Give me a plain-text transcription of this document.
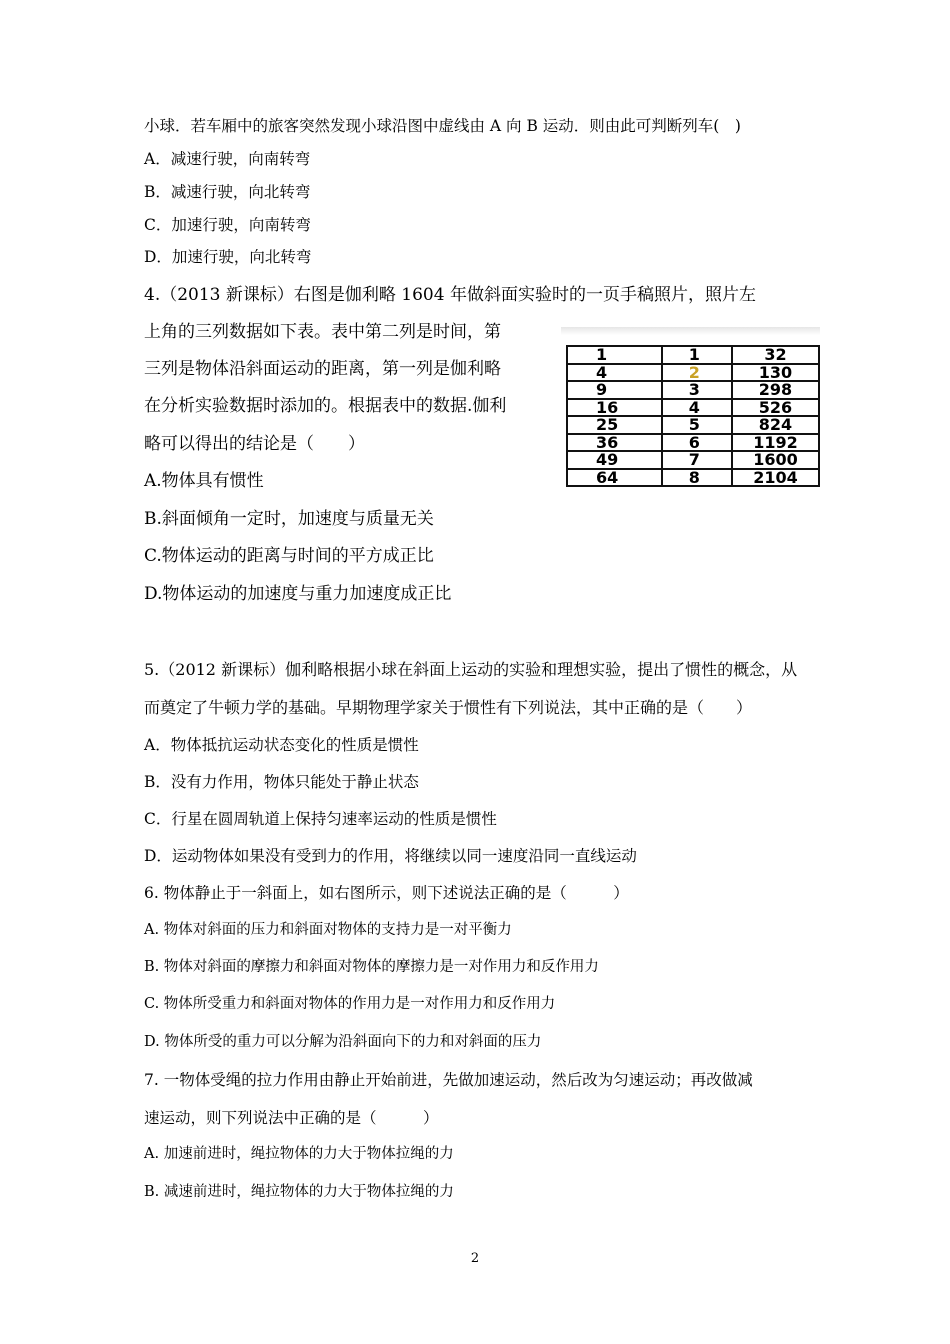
小球．若车厢中的旅客突然发现小球沿图中虚线由 A 向 B 运动．则由此可判断列车(　)
A．减速行驶，向南转弯
B．减速行驶，向北转弯
C．加速行驶，向南转弯
D．加速行驶，向北转弯
4.（2013 新课标）右图是伽利略 1604 年做斜面实验时的一页手稿照片，照片左
上角的三列数据如下表。表中第二列是时间，第
三列是物体沿斜面运动的距离，第一列是伽利略
在分析实验数据时添加的。根据表中的数据.伽利
略可以得出的结论是（　　）
A.物体具有惯性
B.斜面倾角一定时，加速度与质量无关
C.物体运动的距离与时间的平方成正比
D.物体运动的加速度与重力加速度成正比
1	1	32
4	2	130
9	3	298
16	4	526
25	5	824
36	6	1192
49	7	1600
64	8	2104
5.（2012 新课标）伽利略根据小球在斜面上运动的实验和理想实验，提出了惯性的概念，从
而奠定了牛顿力学的基础。早期物理学家关于惯性有下列说法，其中正确的是（　　）
A．物体抵抗运动状态变化的性质是惯性
B．没有力作用，物体只能处于静止状态
C．行星在圆周轨道上保持匀速率运动的性质是惯性
D．运动物体如果没有受到力的作用，将继续以同一速度沿同一直线运动
6. 物体静止于一斜面上，如右图所示，则下述说法正确的是（　　　）
A. 物体对斜面的压力和斜面对物体的支持力是一对平衡力
B. 物体对斜面的摩擦力和斜面对物体的摩擦力是一对作用力和反作用力
C. 物体所受重力和斜面对物体的作用力是一对作用力和反作用力
D. 物体所受的重力可以分解为沿斜面向下的力和对斜面的压力
7. 一物体受绳的拉力作用由静止开始前进，先做加速运动，然后改为匀速运动；再改做减
速运动，则下列说法中正确的是（　　　）
A. 加速前进时，绳拉物体的力大于物体拉绳的力
B. 减速前进时，绳拉物体的力大于物体拉绳的力
2
